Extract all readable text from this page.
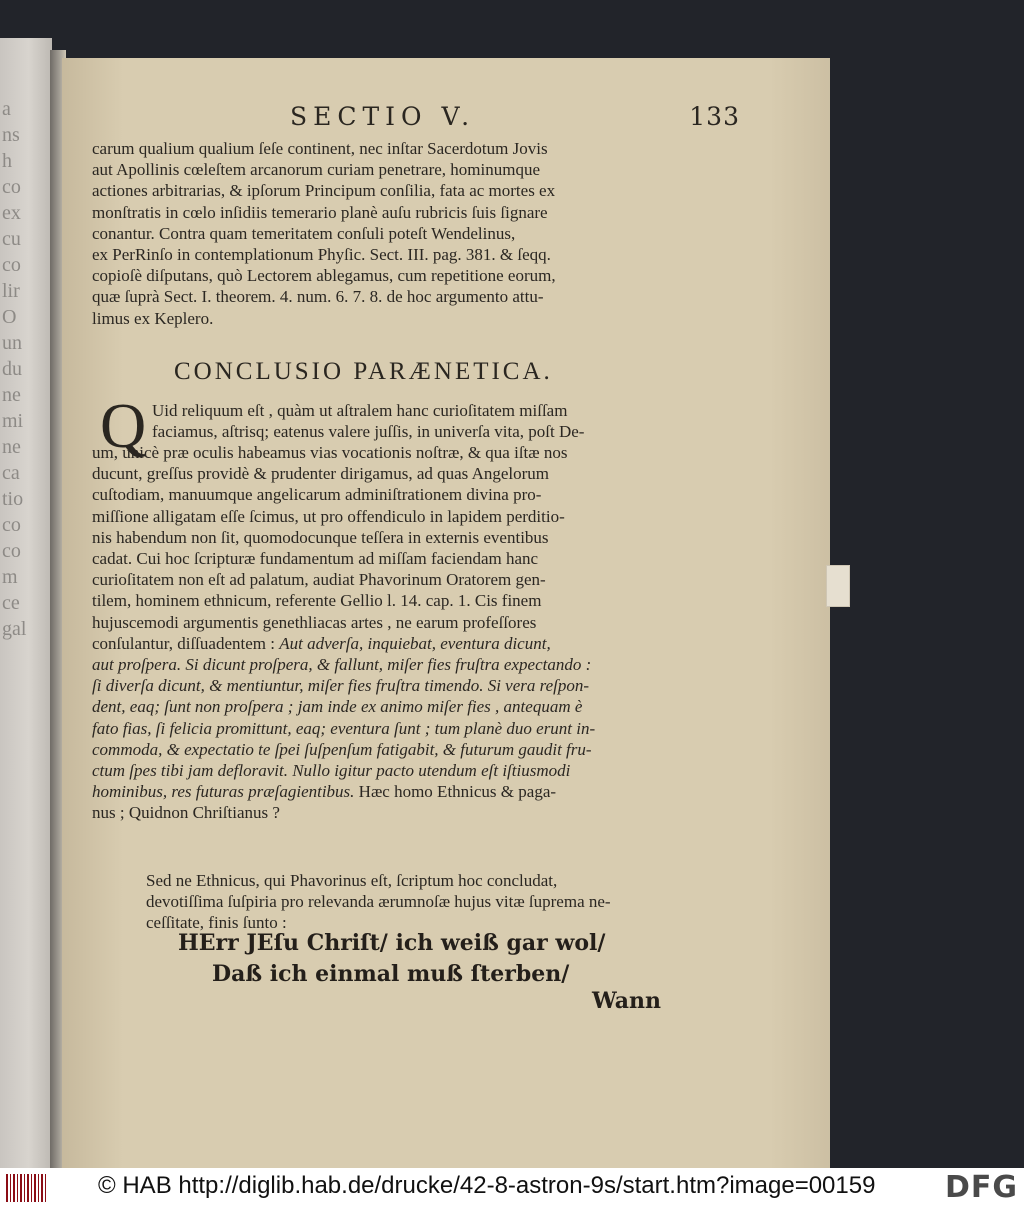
a
ns
h
co
ex
cu
co
lir
O
un
du
ne
mi
ne
ca
tio
co
co
m
ce
gal
SECTIO V.	133
carum qualium qualium ſeſe continent, nec inſtar Sacerdotum Jovis
aut Apollinis cœleſtem arcanorum curiam penetrare, hominumque
actiones arbitrarias, & ipſorum Principum conſilia, fata ac mortes ex
monſtratis in cœlo inſidiis temerario planè auſu rubricis ſuis ſignare
conantur. Contra quam temeritatem conſuli poteſt Wendelinus,
ex PerRinſo in contemplationum Phyſic. Sect. III. pag. 381. & ſeqq.
copioſè diſputans, quò Lectorem ablegamus, cum repetitione eorum,
quæ ſuprà Sect. I. theorem. 4. num. 6. 7. 8. de hoc argumento attu-
limus ex Keplero.
CONCLUSIO PARÆNETICA.
Q Uid reliquum eſt , quàm ut aſtralem hanc curioſitatem miſſam
faciamus, aſtrisq; eatenus valere juſſis, in univerſa vita, poſt De-
um, unicè præ oculis habeamus vias vocationis noſtræ, & qua iſtæ nos
ducunt, greſſus providè & prudenter dirigamus, ad quas Angelorum
cuſtodiam, manuumque angelicarum adminiſtrationem divina pro-
miſſione alligatam eſſe ſcimus, ut pro offendiculo in lapidem perditio-
nis habendum non ſit, quomodocunque teſſera in externis eventibus
cadat. Cui hoc ſcripturæ fundamentum ad miſſam faciendam hanc
curioſitatem non eſt ad palatum, audiat Phavorinum Oratorem gen-
tilem, hominem ethnicum, referente Gellio l. 14. cap. 1. Cis finem
hujuscemodi argumentis genethliacas artes , ne earum profeſſores
conſulantur, diſſuadentem : Aut adverſa, inquiebat, eventura dicunt,
aut proſpera. Si dicunt proſpera, & fallunt, miſer fies fruſtra expectando :
ſi diverſa dicunt, & mentiuntur, miſer fies fruſtra timendo. Si vera reſpon-
dent, eaq; ſunt non proſpera ; jam inde ex animo miſer fies , antequam è
fato fias, ſi felicia promittunt, eaq; eventura ſunt ; tum planè duo erunt in-
commoda, & expectatio te ſpei ſuſpenſum fatigabit, & futurum gaudit fru-
ctum ſpes tibi jam defloravit. Nullo igitur pacto utendum eſt iſtiusmodi
hominibus, res futuras præſagientibus. Hæc homo Ethnicus & paga-
nus ; Quidnon Chriſtianus ?
Sed ne Ethnicus, qui Phavorinus eſt, ſcriptum hoc concludat,
devotiſſima ſuſpiria pro relevanda ærumnoſæ hujus vitæ ſuprema ne-
ceſſitate, finis ſunto :
HErr JEſu Chriſt/ ich weiß gar wol/
Daß ich einmal muß ſterben/
Wann
© HAB http://diglib.hab.de/drucke/42-8-astron-9s/start.htm?image=00159 DFG
